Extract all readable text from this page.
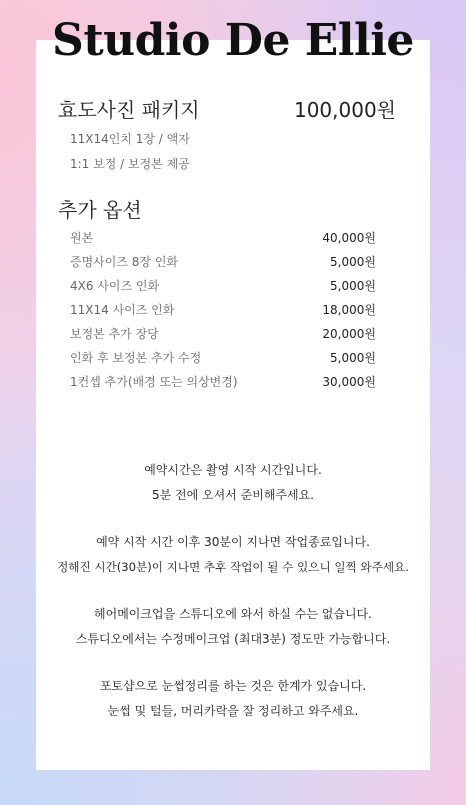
Studio De Ellie
효도사진 패키지	100,000원
11X14인치 1장 / 액자
1:1 보정 / 보정본 제공
추가 옵션
원본	40,000원
증명사이즈 8장 인화	5,000원
4X6 사이즈 인화	5,000원
11X14 사이즈 인화	18,000원
보정본 추가 장당	20,000원
인화 후 보정본 추가 수정	5,000원
1컨셉 추가(배경 또는 의상변경)	30,000원
예약시간은 촬영 시작 시간입니다.
5분 전에 오셔서 준비해주세요.
예약 시작 시간 이후 30분이 지나면 작업종료입니다.
정해진 시간(30분)이 지나면 추후 작업이 될 수 있으니 일찍 와주세요.
헤어메이크업을 스튜디오에 와서 하실 수는 없습니다.
스튜디오에서는 수정메이크업 (최대3분) 정도만 가능합니다.
포토샵으로 눈썹정리를 하는 것은 한계가 있습니다.
눈썹 및 털들, 머리카락을 잘 정리하고 와주세요.
